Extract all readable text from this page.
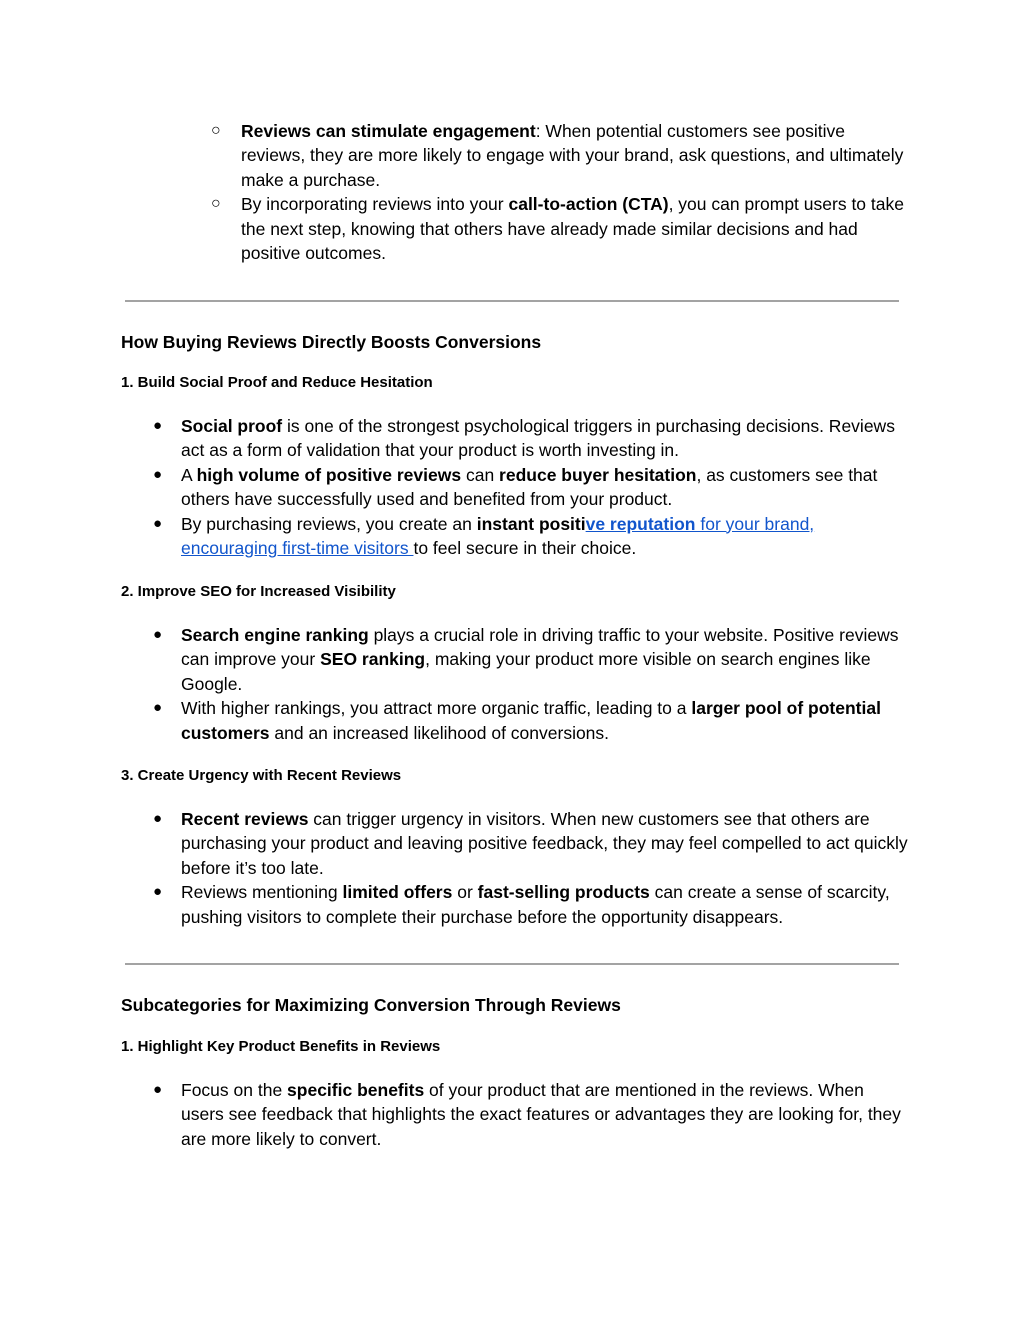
○ Reviews can stimulate engagement: When potential customers see positive reviews, they are more likely to engage with your brand, ask questions, and ultimately make a purchase.
○ By incorporating reviews into your call-to-action (CTA), you can prompt users to take the next step, knowing that others have already made similar decisions and had positive outcomes.
How Buying Reviews Directly Boosts Conversions
1. Build Social Proof and Reduce Hesitation
● Social proof is one of the strongest psychological triggers in purchasing decisions. Reviews act as a form of validation that your product is worth investing in.
● A high volume of positive reviews can reduce buyer hesitation, as customers see that others have successfully used and benefited from your product.
● By purchasing reviews, you create an instant positive reputation for your brand, encouraging first-time visitors to feel secure in their choice.
2. Improve SEO for Increased Visibility
● Search engine ranking plays a crucial role in driving traffic to your website. Positive reviews can improve your SEO ranking, making your product more visible on search engines like Google.
● With higher rankings, you attract more organic traffic, leading to a larger pool of potential customers and an increased likelihood of conversions.
3. Create Urgency with Recent Reviews
● Recent reviews can trigger urgency in visitors. When new customers see that others are purchasing your product and leaving positive feedback, they may feel compelled to act quickly before it’s too late.
● Reviews mentioning limited offers or fast-selling products can create a sense of scarcity, pushing visitors to complete their purchase before the opportunity disappears.
Subcategories for Maximizing Conversion Through Reviews
1. Highlight Key Product Benefits in Reviews
● Focus on the specific benefits of your product that are mentioned in the reviews. When users see feedback that highlights the exact features or advantages they are looking for, they are more likely to convert.
